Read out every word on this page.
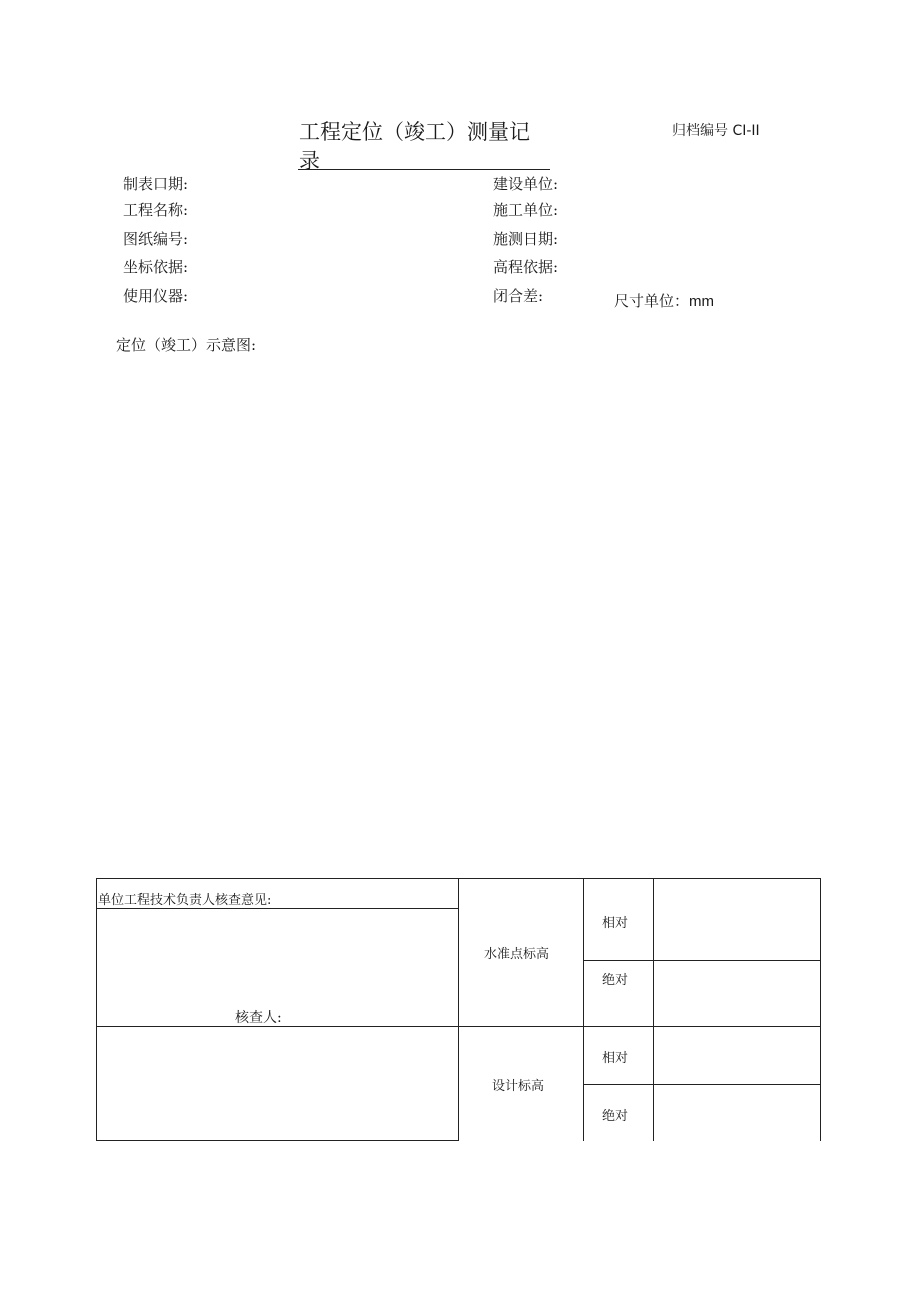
工程定位（竣工）测量记
录
归档编号 CI-II
制表口期:
工程名称:
图纸编号:
坐标依据:
使用仪器:
建设单位:
施工单位:
施测日期:
高程依据:
闭合差:	尺寸单位：mm
定位（竣工）示意图:
单位工程技术负责人核查意见:
核查人:
水准点标高
设计标高
相对
绝对
相对
绝对
